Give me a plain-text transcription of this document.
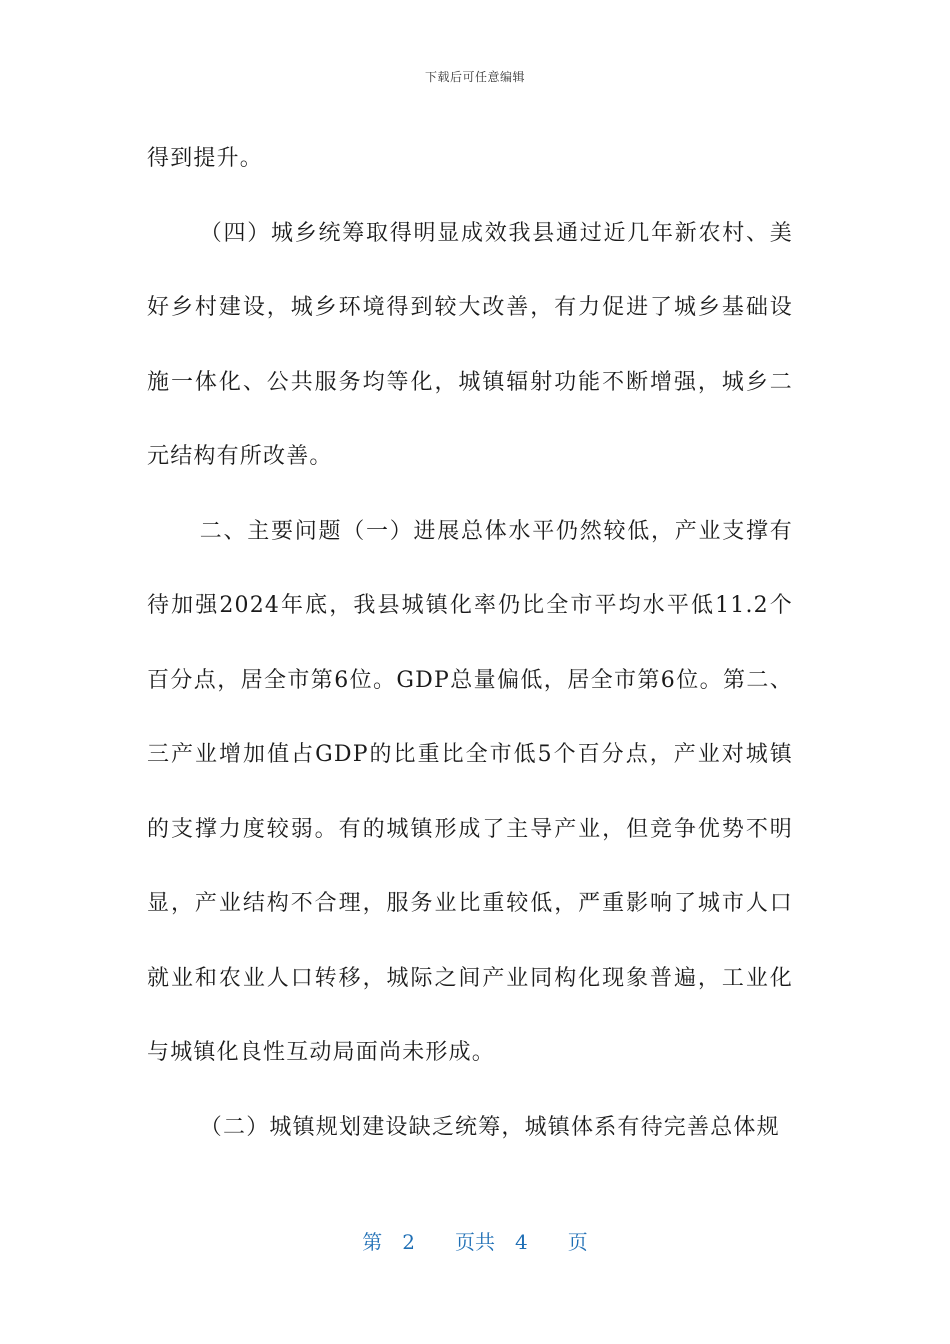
下载后可任意编辑

得到提升。

（四）城乡统筹取得明显成效我县通过近几年新农村、美好乡村建设，城乡环境得到较大改善，有力促进了城乡基础设施一体化、公共服务均等化，城镇辐射功能不断增强，城乡二元结构有所改善。

二、主要问题（一）进展总体水平仍然较低，产业支撑有待加强2024年底，我县城镇化率仍比全市平均水平低11.2个百分点，居全市第6位。GDP总量偏低，居全市第6位。第二、三产业增加值占GDP的比重比全市低5个百分点，产业对城镇的支撑力度较弱。有的城镇形成了主导产业，但竞争优势不明显，产业结构不合理，服务业比重较低，严重影响了城市人口就业和农业人口转移，城际之间产业同构化现象普遍，工业化与城镇化良性互动局面尚未形成。

（二）城镇规划建设缺乏统筹，城镇体系有待完善总体规

第 2 页共 4 页
